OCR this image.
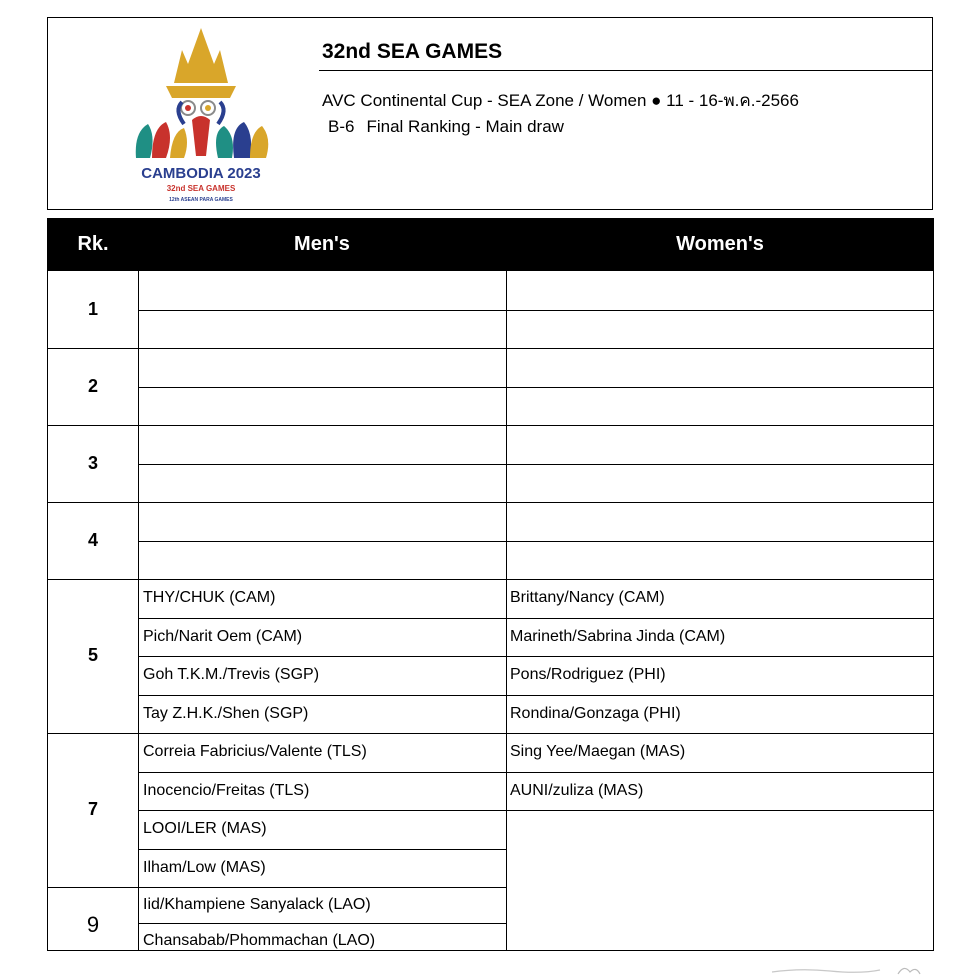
CAMBODIA 2023
32nd SEA GAMES
12th ASEAN PARA GAMES
32nd SEA GAMES
AVC Continental Cup - SEA Zone / Women ● 11 - 16-พ.ค.-2566
B-6 Final Ranking - Main draw
Rk.	Men's	Women's
1
2
3
4
5
THY/CHUK (CAM)	Brittany/Nancy (CAM)
Pich/Narit Oem (CAM)	Marineth/Sabrina Jinda (CAM)
Goh T.K.M./Trevis (SGP)	Pons/Rodriguez (PHI)
Tay Z.H.K./Shen (SGP)	Rondina/Gonzaga (PHI)
7
Correia Fabricius/Valente (TLS)	Sing Yee/Maegan (MAS)
Inocencio/Freitas (TLS)	AUNI/zuliza (MAS)
LOOI/LER (MAS)
Ilham/Low (MAS)
9
Iid/Khampiene Sanyalack (LAO)
Chansabab/Phommachan (LAO)
